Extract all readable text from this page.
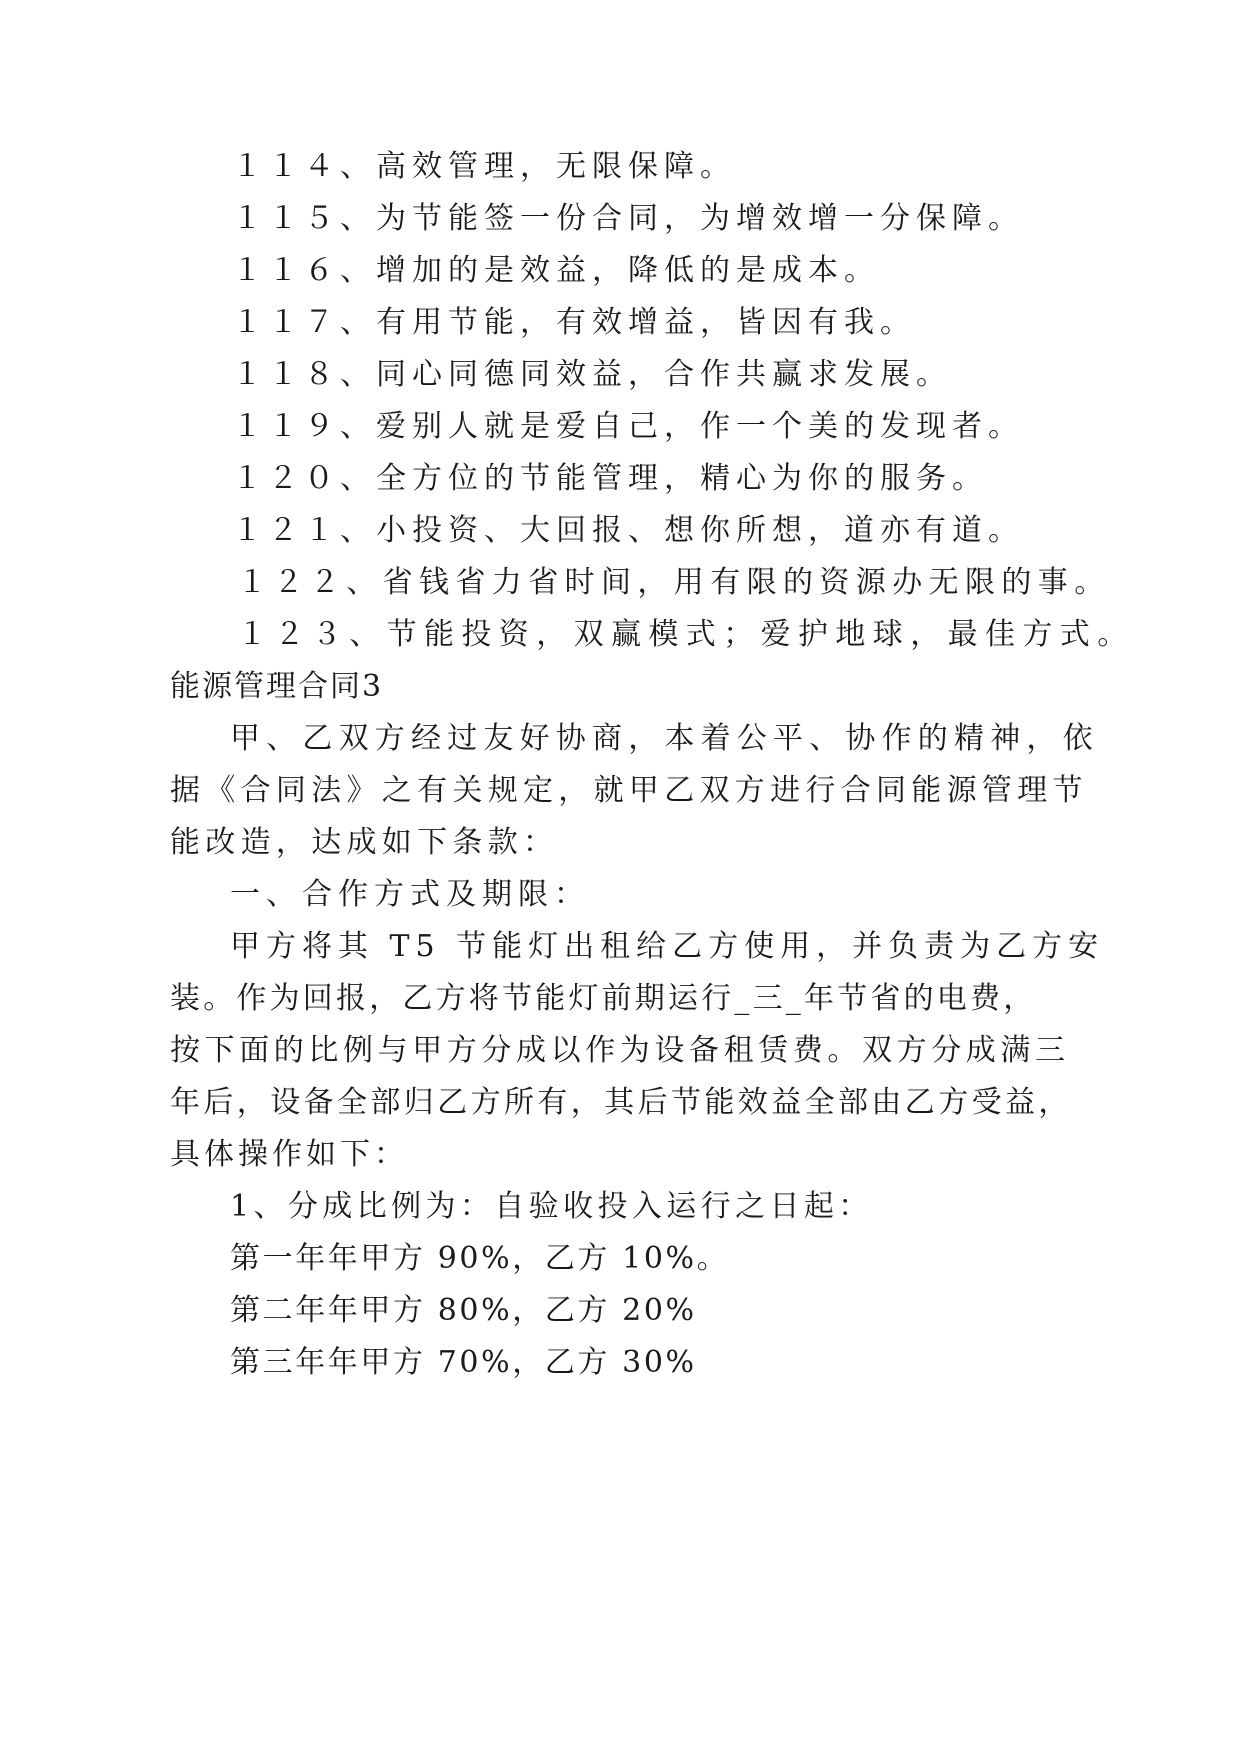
１１４、高效管理，无限保障。
１１５、为节能签一份合同，为增效增一分保障。
１１６、增加的是效益，降低的是成本。
１１７、有用节能，有效增益，皆因有我。
１１８、同心同德同效益，合作共赢求发展。
１１９、爱别人就是爱自己，作一个美的发现者。
１２０、全方位的节能管理，精心为你的服务。
１２１、小投资、大回报、想你所想，道亦有道。
１２２、省钱省力省时间，用有限的资源办无限的事。
１２３、节能投资，双赢模式；爱护地球，最佳方式。
能源管理合同3
甲、乙双方经过友好协商，本着公平、协作的精神，依
据《合同法》之有关规定，就甲乙双方进行合同能源管理节
能改造，达成如下条款：
一、合作方式及期限：
甲方将其 T5 节能灯出租给乙方使用，并负责为乙方安
装。作为回报，乙方将节能灯前期运行_三_年节省的电费，
按下面的比例与甲方分成以作为设备租赁费。双方分成满三
年后，设备全部归乙方所有，其后节能效益全部由乙方受益，
具体操作如下：
1、分成比例为：自验收投入运行之日起：
第一年年甲方 90%，乙方 10%。
第二年年甲方 80%，乙方 20%
第三年年甲方 70%，乙方 30%
